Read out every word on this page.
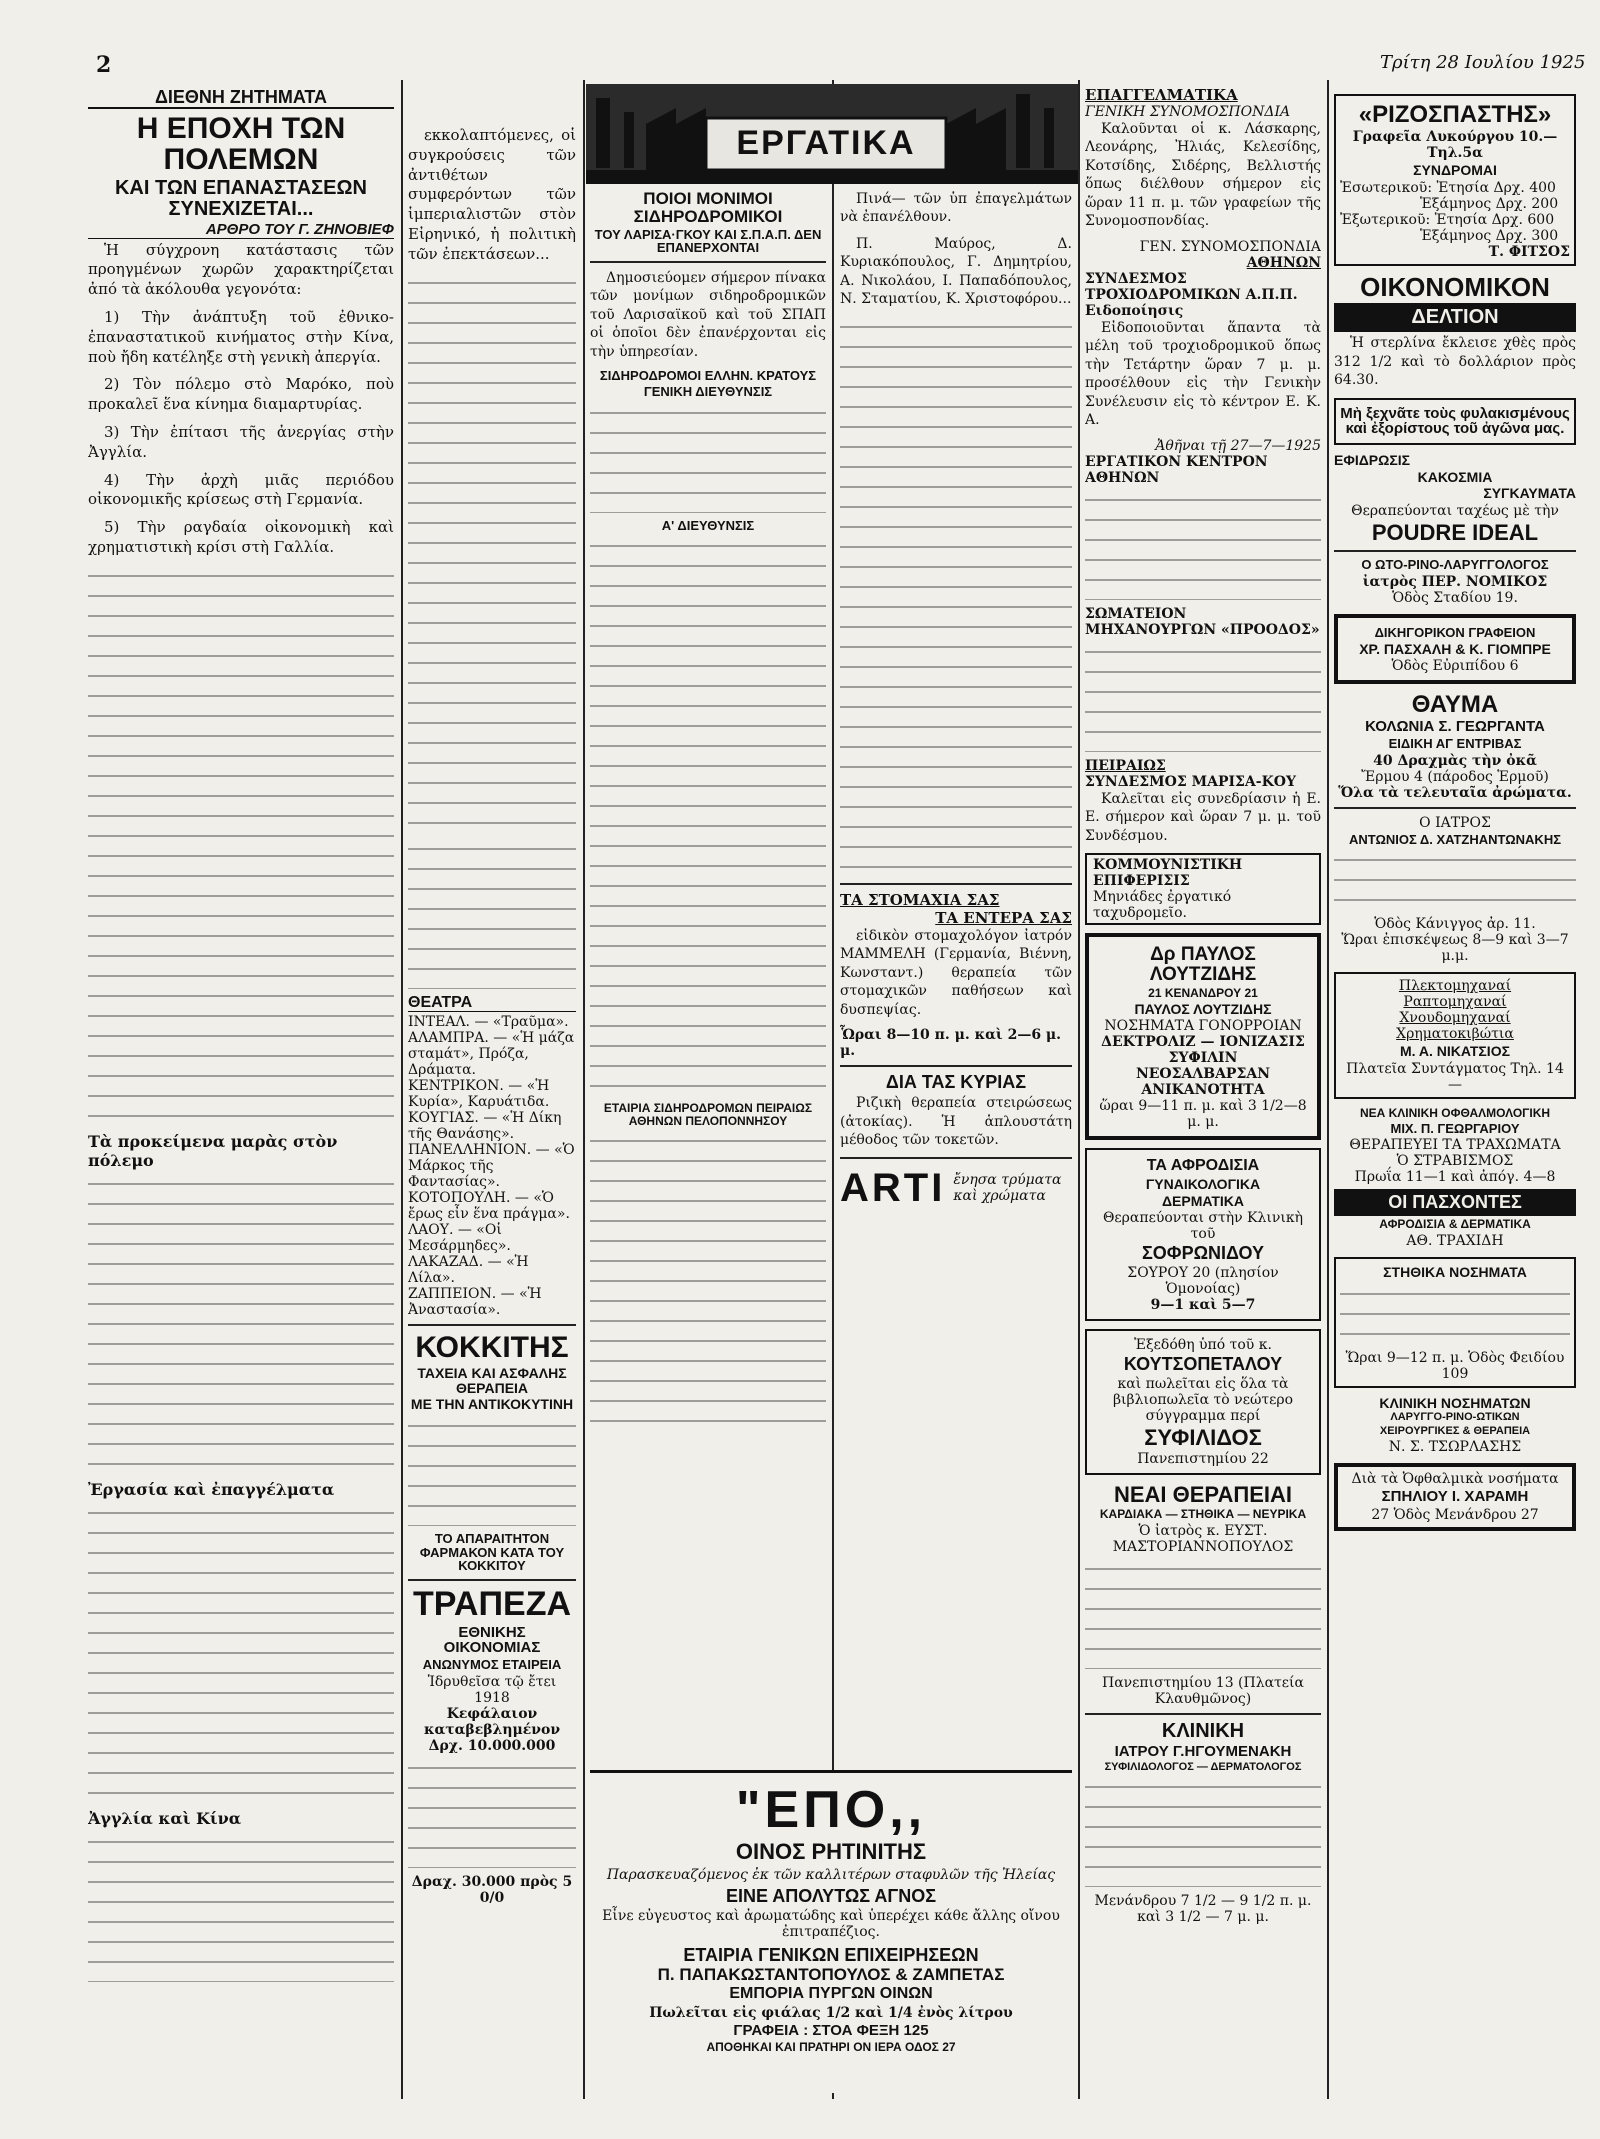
2	Τρίτη 28 Ιουλίου 1925
ΔΙΕΘΝΗ ΖΗΤΗΜΑΤΑ
Η ΕΠΟΧΗ ΤΩΝ ΠΟΛΕΜΩΝ
ΚΑΙ ΤΩΝ ΕΠΑΝΑΣΤΑΣΕΩΝ ΣΥΝΕΧΙΖΕΤΑΙ...
ΑΡΘΡΟ ΤΟΥ Γ. ΖΗΝΟΒΙΕΦ

Ἡ σύγχρονη κατάστασις τῶν προηγμένων χωρῶν χαρακτηρίζεται ἀπό τὰ ἀκόλουθα γεγονότα:

1) Τὴν ἀνάπτυξη τοῦ ἐθνικο-ἐπαναστατικοῦ κινήματος στὴν Κίνα, ποὺ ἤδη κατέληξε στὴ γενικὴ ἀπεργία.

2) Τὸν πόλεμο στὸ Μαρόκο, ποὺ προκαλεῖ ἕνα κίνημα διαμαρτυρίας.

3) Τὴν ἐπίτασι τῆς ἀνεργίας στὴν Ἀγγλία.

4) Τὴν ἀρχὴ μιᾶς περιόδου οἰκονομικῆς κρίσεως στὴ Γερμανία.

5) Τὴν ραγδαία οἰκονομικὴ καὶ χρηματιστικὴ κρίσι στὴ Γαλλία.

Τὰ προκείμενα μαρὰς στὸν πόλεμο
Ἐργασία καὶ ἐπαγγέλματα
Ἀγγλία καὶ Κίνα

εκκολαπτόμενες, οἱ συγκρούσεις τῶν ἀντιθέτων συμφερόντων τῶν ἱμπεριαλιστῶν στὸν Εἰρηνικό, ἡ πολιτικὴ τῶν ἐπεκτάσεων...

ΘΕΑΤΡΑ
ΙΝΤΕΑΛ. — «Τραῦμα».
ΑΛΑΜΠΡΑ. — «Ἡ μάζα σταμάτ», Πρόζα, Δράματα.
ΚΕΝΤΡΙΚΟΝ. — «Ἡ Κυρία», Καρυάτιδα.
ΚΟΥΓΙΑΣ. — «Ἡ Δίκη τῆς Θανάσης».
ΠΑΝΕΛΛΗΝΙΟΝ. — «Ὁ Μάρκος τῆς Φαντασίας».
ΚΟΤΟΠΟΥΛΗ. — «Ὁ ἔρως εἶν ἕνα πράγμα».
ΛΑΟΥ. — «Οἱ Μεσάρμηδες».
ΛΑΚΑΖΑΔ. — «Ἡ Λίλα».
ΖΑΠΠΕΙΟΝ. — «Ἡ Ἀναστασία».
ΚΟΚΚΙΤΗΣ
ΤΑΧΕΙΑ ΚΑΙ ΑΣΦΑΛΗΣ ΘΕΡΑΠΕΙΑ
ΜΕ ΤΗΝ ΑΝΤΙΚΟΚΥΤΙΝΗ
ΤΟ ΑΠΑΡΑΙΤΗΤΟΝ ΦΑΡΜΑΚΟΝ ΚΑΤΑ ΤΟΥ ΚΟΚΚΙΤΟΥ
ΤΡΑΠΕΖΑ
ΕΘΝΙΚΗΣ ΟΙΚΟΝΟΜΙΑΣ
ΑΝΩΝΥΜΟΣ ΕΤΑΙΡΕΙΑ
Ἱδρυθεῖσα τῷ ἔτει 1918
Κεφάλαιον καταβεβλημένον Δρχ. 10.000.000
Δραχ. 30.000 πρὸς 5 0/0
ΕΡΓΑΤΙΚΑ
ΠΟΙΟΙ ΜΟΝΙΜΟΙ ΣΙΔΗΡΟΔΡΟΜΙΚΟΙ
ΤΟΥ ΛΑΡΙΣΑ·ΓΚΟΥ ΚΑΙ Σ.Π.Α.Π. ΔΕΝ ΕΠΑΝΕΡΧΟΝΤΑΙ

Δημοσιεύομεν σήμερον πίνακα τῶν μονίμων σιδηροδρομικῶν τοῦ Λαρισαϊκοῦ καὶ τοῦ ΣΠΑΠ οἱ ὁποῖοι δὲν ἐπανέρχονται εἰς τὴν ὑπηρεσίαν.

ΣΙΔΗΡΟΔΡΟΜΟΙ ΕΛΛΗΝ. ΚΡΑΤΟΥΣ
ΓΕΝΙΚΗ ΔΙΕΥΘΥΝΣΙΣ
Α' ΔΙΕΥΘΥΝΣΙΣ
ΕΤΑΙΡΙΑ ΣΙΔΗΡΟΔΡΟΜΩΝ ΠΕΙΡΑΙΩΣ ΑΘΗΝΩΝ ΠΕΛΟΠΟΝΝΗΣΟΥ

Πινά— τῶν ὑπ ἐπαγελμάτων νὰ ἐπανέλθουν.

Π. Μαύρος, Δ. Κυριακόπουλος, Γ. Δημητρίου, Α. Νικολάου, Ι. Παπαδόπουλος, Ν. Σταματίου, Κ. Χριστοφόρου...

ΤΑ ΣΤΟΜΑΧΙΑ ΣΑΣ
ΤΑ ΕΝΤΕΡΑ ΣΑΣ

εἰδικὸν στομαχολόγον ἰατρόν ΜΑΜΜΕΛΗ (Γερμανία, Βιέννη, Κωνσταντ.) θεραπεία τῶν στομαχικῶν παθήσεων καὶ δυσπεψίας.

Ὧραι 8—10 π. μ. καὶ 2—6 μ. μ.
ΔΙΑ ΤΑΣ ΚΥΡΙΑΣ

Ριζικὴ θεραπεία στειρώσεως (ἀτοκίας). Ἡ ἁπλουστάτη μέθοδος τῶν τοκετῶν.

ARTI ἔνησα τρύματα καὶ χρώματα
"ΕΠΟ,,
ΟΙΝΟΣ ΡΗΤΙΝΙΤΗΣ
Παρασκευαζόμενος ἐκ τῶν καλλιτέρων σταφυλῶν τῆς Ἠλείας
ΕΙΝΕ ΑΠΟΛΥΤΩΣ ΑΓΝΟΣ
Εἶνε εὐγευστος καὶ ἀρωματώδης καὶ ὑπερέχει κάθε ἄλλης οἴνου ἐπιτραπέζιος.
ΕΤΑΙΡΙΑ ΓΕΝΙΚΩΝ ΕΠΙΧΕΙΡΗΣΕΩΝ
Π. ΠΑΠΑΚΩΣΤΑΝΤΟΠΟΥΛΟΣ & ΖΑΜΠΕΤΑΣ
ΕΜΠΟΡΙΑ ΠΥΡΓΩΝ ΟΙΝΩΝ
Πωλεῖται εἰς φιάλας 1/2 καὶ 1/4 ἐνὸς λίτρου
ΓΡΑΦΕΙΑ : ΣΤΟΑ ΦΕΞΗ 125
ΑΠΟΘΗΚΑΙ ΚΑΙ ΠΡΑΤΗΡΙ ΟΝ ΙΕΡΑ ΟΔΟΣ 27
ΕΠΑΓΓΕΛΜΑΤΙΚΑ
ΓΕΝΙΚΗ ΣΥΝΟΜΟΣΠΟΝΔΙΑ

Καλοῦνται οἱ κ. Λάσκαρης, Λεονάρης, Ἠλιάς, Κελεσίδης, Κοτσίδης, Σιδέρης, Βελλιστής ὅπως διέλθουν σήμερον εἰς ὥραν 11 π. μ. τῶν γραφείων τῆς Συνομοσπονδίας.

ΓΕΝ. ΣΥΝΟΜΟΣΠΟΝΔΙΑ
ΑΘΗΝΩΝ
ΣΥΝΔΕΣΜΟΣ ΤΡΟΧΙΟΔΡΟΜΙΚΩΝ Α.Π.Π. Ειδοποίησις

Εἰδοποιοῦνται ἅπαντα τὰ μέλη τοῦ τροχιοδρομικοῦ ὅπως τὴν Τετάρτην ὥραν 7 μ. μ. προσέλθουν εἰς τὴν Γενικὴν Συνέλευσιν εἰς τὸ κέντρον Ε. Κ. Α.

Ἀθῆναι τῇ 27—7—1925
ΕΡΓΑΤΙΚΟΝ ΚΕΝΤΡΟΝ ΑΘΗΝΩΝ
ΣΩΜΑΤΕΙΟΝ ΜΗΧΑΝΟΥΡΓΩΝ «ΠΡΟΟΔΟΣ»
ΠΕΙΡΑΙΩΣ
ΣΥΝΔΕΣΜΟΣ ΜΑΡΙΣΑ-ΚΟΥ

Καλεῖται εἰς συνεδρίασιν ἡ Ε. Ε. σήμερον καὶ ὥραν 7 μ. μ. τοῦ Συνδέσμου.

ΚΟΜΜΟΥΝΙΣΤΙΚΗ ΕΠΙΦΕΡΙΣΙΣ
Μηνιάδες ἐργατικό ταχυδρομεῖο.
Δρ ΠΑΥΛΟΣ ΛΟΥΤΖΙΔΗΣ
21 ΚΕΝΑΝΔΡΟΥ 21
ΠΑΥΛΟΣ ΛΟΥΤΖΙΔΗΣ
ΝΟΣΗΜΑΤΑ ΓΟΝΟΡΡΟΙΑΝ
ΔΕΚΤΡΟΛΙΖ — ΙΟΝΙΖΑΣΙΣ
ΣΥΦΙΛΙΝ
ΝΕΟΣΑΛΒΑΡΣΑΝ
ΑΝΙΚΑΝΟΤΗΤΑ
ὥραι 9—11 π. μ. καὶ 3 1/2—8 μ. μ.
ΤΑ ΑΦΡΟΔΙΣΙΑ
ΓΥΝΑΙΚΟΛΟΓΙΚΑ
ΔΕΡΜΑΤΙΚΑ
Θεραπεύονται στὴν Κλινικὴ τοῦ
ΣΟΦΡΩΝΙΔΟΥ
ΣΟΥΡΟΥ 20 (πλησίον Ὁμονοίας)
9—1 καὶ 5—7
Ἐξεδόθη ὑπό τοῦ κ.
ΚΟΥΤΣΟΠΕΤΑΛΟΥ
καὶ πωλεῖται εἰς ὅλα τὰ βιβλιοπωλεῖα τὸ νεώτερο σύγγραμμα περί
ΣΥΦΙΛΙΔΟΣ
Πανεπιστημίου 22
ΝΕΑΙ ΘΕΡΑΠΕΙΑΙ
ΚΑΡΔΙΑΚΑ — ΣΤΗΘΙΚΑ — ΝΕΥΡΙΚΑ
Ὁ ἰατρὸς κ. ΕΥΣΤ. ΜΑΣΤΟΡΙΑΝΝΟΠΟΥΛΟΣ
Πανεπιστημίου 13 (Πλατεία Κλαυθμῶνος)
ΚΛΙΝΙΚΗ
ΙΑΤΡΟΥ Γ.ΗΓΟΥΜΕΝΑΚΗ
ΣΥΦΙΛΙΔΟΛΟΓΟΣ — ΔΕΡΜΑΤΟΛΟΓΟΣ
Μενάνδρου 7 1/2 — 9 1/2 π. μ. καὶ 3 1/2 — 7 μ. μ.
«ΡΙΖΟΣΠΑΣΤΗΣ»
Γραφεῖα Λυκούργου 10.—Τηλ.5α
ΣΥΝΔΡΟΜΑΙ
Ἐσωτερικοῦ: Ἐτησία Δρχ. 400
Ἑξάμηνος Δρχ. 200
Ἐξωτερικοῦ: Ἐτησία Δρχ. 600
Ἑξάμηνος Δρχ. 300
Τ. ΦΙΤΣΟΣ
ΟΙΚΟΝΟΜΙΚΟΝ
ΔΕΛΤΙΟΝ

Ἡ στερλίνα ἔκλεισε χθὲς πρὸς 312 1/2 καὶ τὸ δολλάριον πρὸς 64.30.

Μὴ ξεχνᾶτε τοὺς φυλακισμένους καὶ ἐξορίστους τοῦ ἀγῶνα μας.
ΕΦΙΔΡΩΣΙΣ
ΚΑΚΟΣΜΙΑ
ΣΥΓΚΑΥΜΑΤΑ
Θεραπεύονται ταχέως μὲ τὴν
POUDRE IDEAL
Ο ΩΤΟ-ΡΙΝΟ-ΛΑΡΥΓΓΟΛΟΓΟΣ
ἰατρὸς ΠΕΡ. ΝΟΜΙΚΟΣ
Ὁδὸς Σταδίου 19.
ΔΙΚΗΓΟΡΙΚΟΝ ΓΡΑΦΕΙΟΝ
ΧΡ. ΠΑΣΧΑΛΗ & Κ. ΓΙΟΜΠΡΕ
Ὁδὸς Εὐριπίδου 6
ΘΑΥΜΑ
ΚΟΛΩΝΙΑ Σ. ΓΕΩΡΓΑΝΤΑ
ΕΙΔΙΚΗ ΑΓ ΕΝΤΡΙΒΑΣ
40 Δραχμὰς τὴν ὀκᾶ
Ἔρμου 4 (πάροδος Ἑρμοῦ)
Ὅλα τὰ τελευταῖα ἀρώματα.
Ο ΙΑΤΡΟΣ
ΑΝΤΩΝΙΟΣ Δ. ΧΑΤΖΗΑΝΤΩΝΑΚΗΣ
Ὁδὸς Κάνιγγος ἀρ. 11.
Ὥραι ἐπισκέψεως 8—9 καὶ 3—7 μ.μ.
Πλεκτομηχαναί
Ραπτομηχαναί
Χνουδομηχαναί
Χρηματοκιβώτια
Μ. Α. ΝΙΚΑΤΣΙΟΣ
Πλατεῖα Συντάγματος Τηλ. 14—
ΝΕΑ ΚΛΙΝΙΚΗ ΟΦΘΑΛΜΟΛΟΓΙΚΗ
ΜΙΧ. Π. ΓΕΩΡΓΑΡΙΟΥ
ΘΕΡΑΠΕΥΕΙ ΤΑ ΤΡΑΧΩΜΑΤΑ
Ὁ ΣΤΡΑΒΙΣΜΟΣ
Πρωΐα 11—1 καὶ ἀπόγ. 4—8
ΟΙ ΠΑΣΧΟΝΤΕΣ
ΑΦΡΟΔΙΣΙΑ & ΔΕΡΜΑΤΙΚΑ
ΑΘ. ΤΡΑΧΙΔΗ
ΣΤΗΘΙΚΑ ΝΟΣΗΜΑΤΑ
Ὥραι 9—12 π. μ. Ὁδὸς Φειδίου 109
ΚΛΙΝΙΚΗ ΝΟΣΗΜΑΤΩΝ
ΛΑΡΥΓΓΟ-ΡΙΝΟ-ΩΤΙΚΩΝ
ΧΕΙΡΟΥΡΓΙΚΕΣ & ΘΕΡΑΠΕΙΑ
Ν. Σ. ΤΣΩΡΛΑΣΗΣ
Διὰ τὰ Ὀφθαλμικὰ νοσήματα
ΣΠΗΛΙΟΥ Ι. ΧΑΡΑΜΗ
27 Ὁδὸς Μενάνδρου 27
